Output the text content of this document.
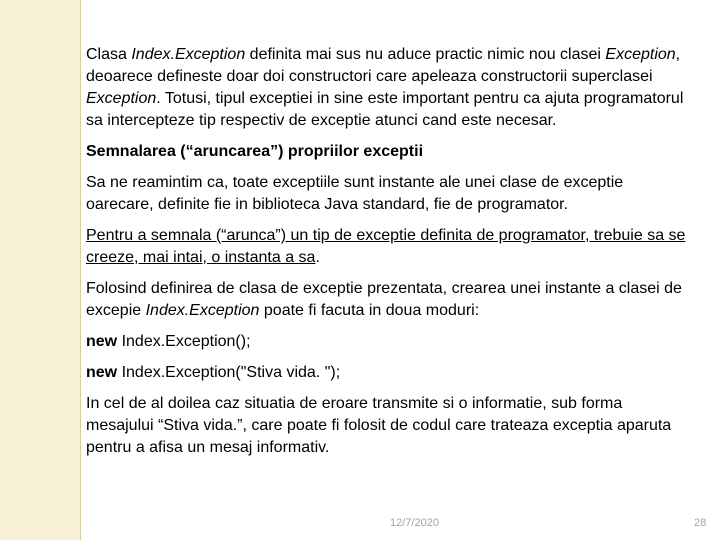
Clasa Index.Exception definita mai sus nu aduce practic nimic nou clasei Exception, deoarece defineste doar doi constructori care apeleaza constructorii superclasei Exception. Totusi, tipul exceptiei in sine este important pentru ca ajuta programatorul sa intercepteze tip respectiv de exceptie atunci cand este necesar.

Semnalarea (“aruncarea”) propriilor exceptii

Sa ne reamintim ca, toate exceptiile sunt instante ale unei clase de exceptie oarecare, definite fie in biblioteca Java standard, fie de programator.

Pentru a semnala (“arunca”) un tip de exceptie definita de programator, trebuie sa se creeze, mai intai, o instanta a sa.

Folosind definirea de clasa de exceptie prezentata, crearea unei instante a clasei de excepie Index.Exception poate fi facuta in doua moduri:

new Index.Exception();

new Index.Exception("Stiva vida. ");

In cel de al doilea caz situatia de eroare transmite si o informatie, sub forma mesajului “Stiva vida.”, care poate fi folosit de codul care trateaza exceptia aparuta pentru a afisa un mesaj informativ.

12/7/2020	28
